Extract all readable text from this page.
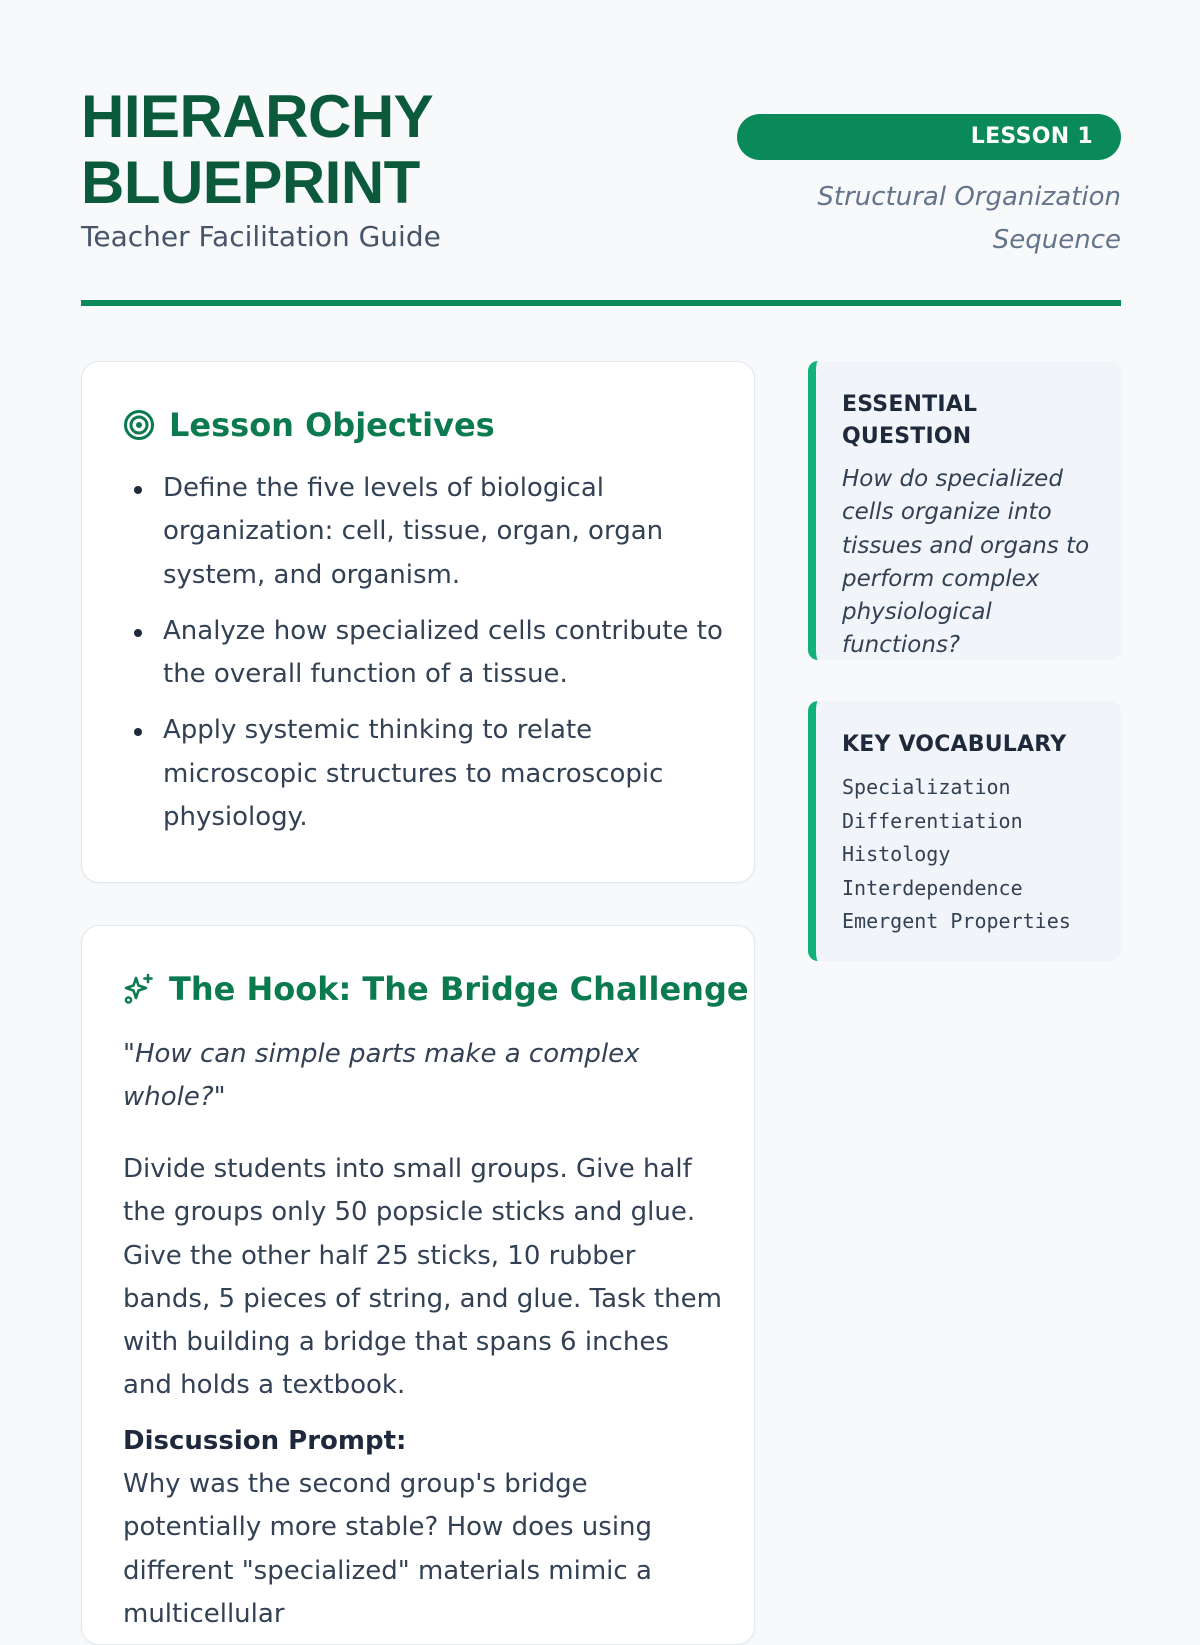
HIERARCHY
BLUEPRINT
Teacher Facilitation Guide
LESSON 1
Structural Organization
Sequence
Lesson Objectives
Define the five levels of biological organization: cell, tissue, organ, organ system, and organism.
Analyze how specialized cells contribute to the overall function of a tissue.
Apply systemic thinking to relate microscopic structures to macroscopic physiology.
The Hook: The Bridge Challenge
"How can simple parts make a complex whole?"
Divide students into small groups. Give half the groups only 50 popsicle sticks and glue. Give the other half 25 sticks, 10 rubber bands, 5 pieces of string, and glue. Task them with building a bridge that spans 6 inches and holds a textbook.
Discussion Prompt:
Why was the second group's bridge potentially more stable? How does using different "specialized" materials mimic a multicellular
ESSENTIAL QUESTION
How do specialized cells organize into tissues and organs to perform complex physiological functions?
KEY VOCABULARY
Specialization
Differentiation
Histology
Interdependence
Emergent Properties
